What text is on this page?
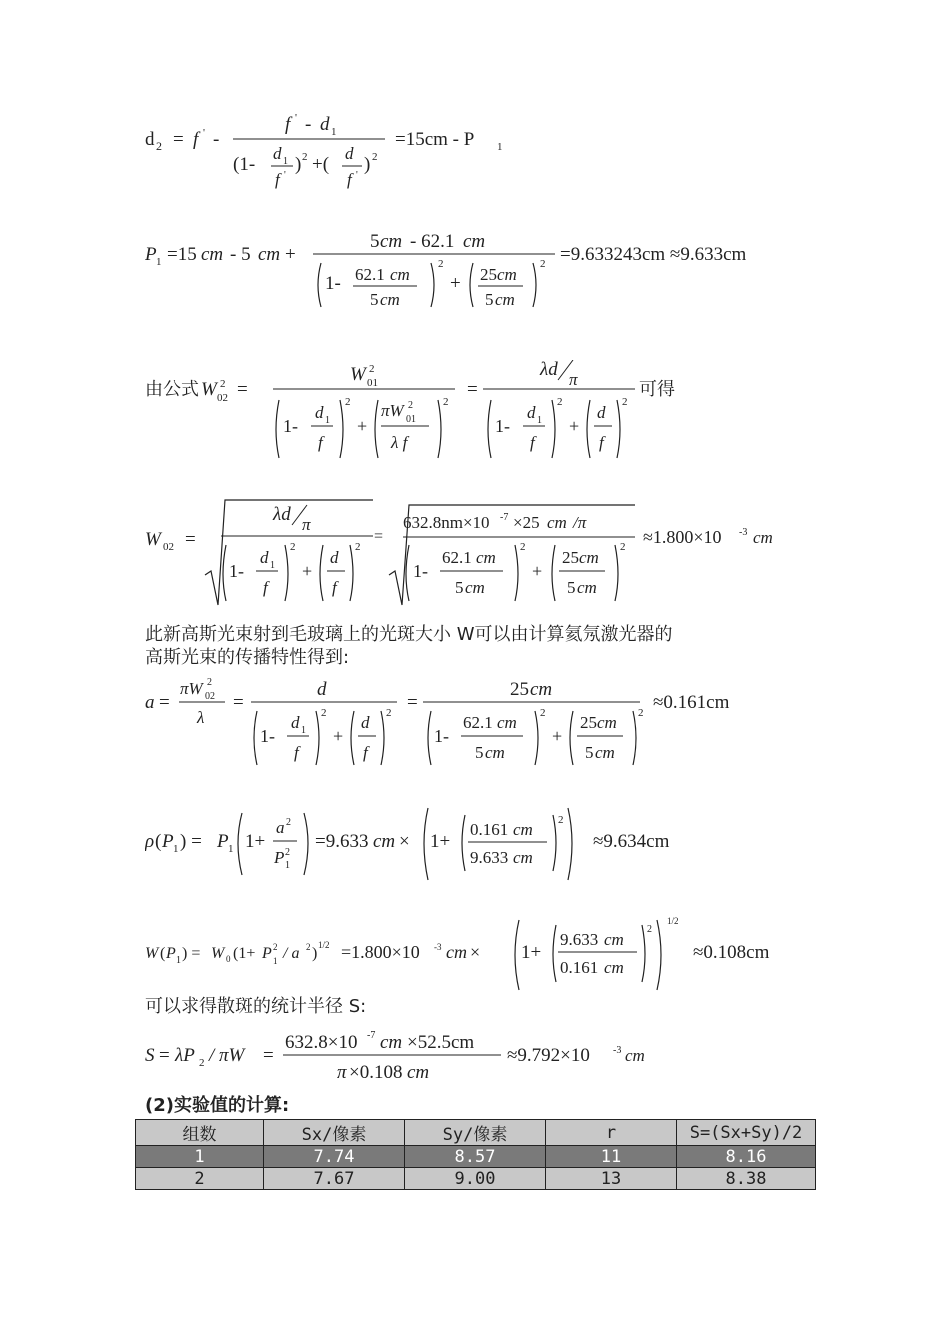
d 2 = f ' -
f ' - d 1
(1-
d 1
f '
) 2 +(
d
f '
) 2
=15cm - P 1
P 1 =15 cm - 5 cm +
5 cm - 62.1 cm
1- 62.1 cm
5 cm
2
+ 25 cm
5 cm
2 =9.633243cm ≈9.633cm
由公式 W 2
02 =
W 2
01
1-
d 1
f
2
+
πW 2
01
λ f
2
=
λd π
1-
d 1
f
2
+
d
f
2
可得
W 02 =
λd π
1-
d 1
f
2
+
d
f
2
=
632.8nm×10 -7 ×25 cm /π
1-
62.1 cm
5 cm
2
+
25 cm
5 cm
2 ≈1.800×10 -3 cm
此新高斯光束射到毛玻璃上的光斑大小 W可以由计算氦氖激光器的
高斯光束的传播特性得到:
a =
πW 2
02
λ
=
d
1-
d 1
f
2
+
d
f
2 =
25 cm
1-
62.1 cm
5 cm
2
+
25 cm
5 cm
2 ≈0.161cm
ρ ( P 1 ) = P 1 1+
a 2
P 2
1
=9.633 cm × 1+
0.161 cm
9.633 cm
2
≈9.634cm
W ( P 1 ) = W 0 (1+ P 2
1 / a 2 ) 1/2 =1.800×10 -3 cm × 1+
9.633 cm
0.161 cm
2
1/2
≈0.108cm
可以求得散斑的统计半径 S:
S = λP 2 / πW =
632.8×10 -7 cm ×52.5cm
π ×0.108 cm
≈9.792×10 -3 cm
(2)实验值的计算:
组数	Sx/像素	Sy/像素	r	S=(Sx+Sy)/2
1	7.74	8.57	11	8.16
2	7.67	9.00	13	8.38
